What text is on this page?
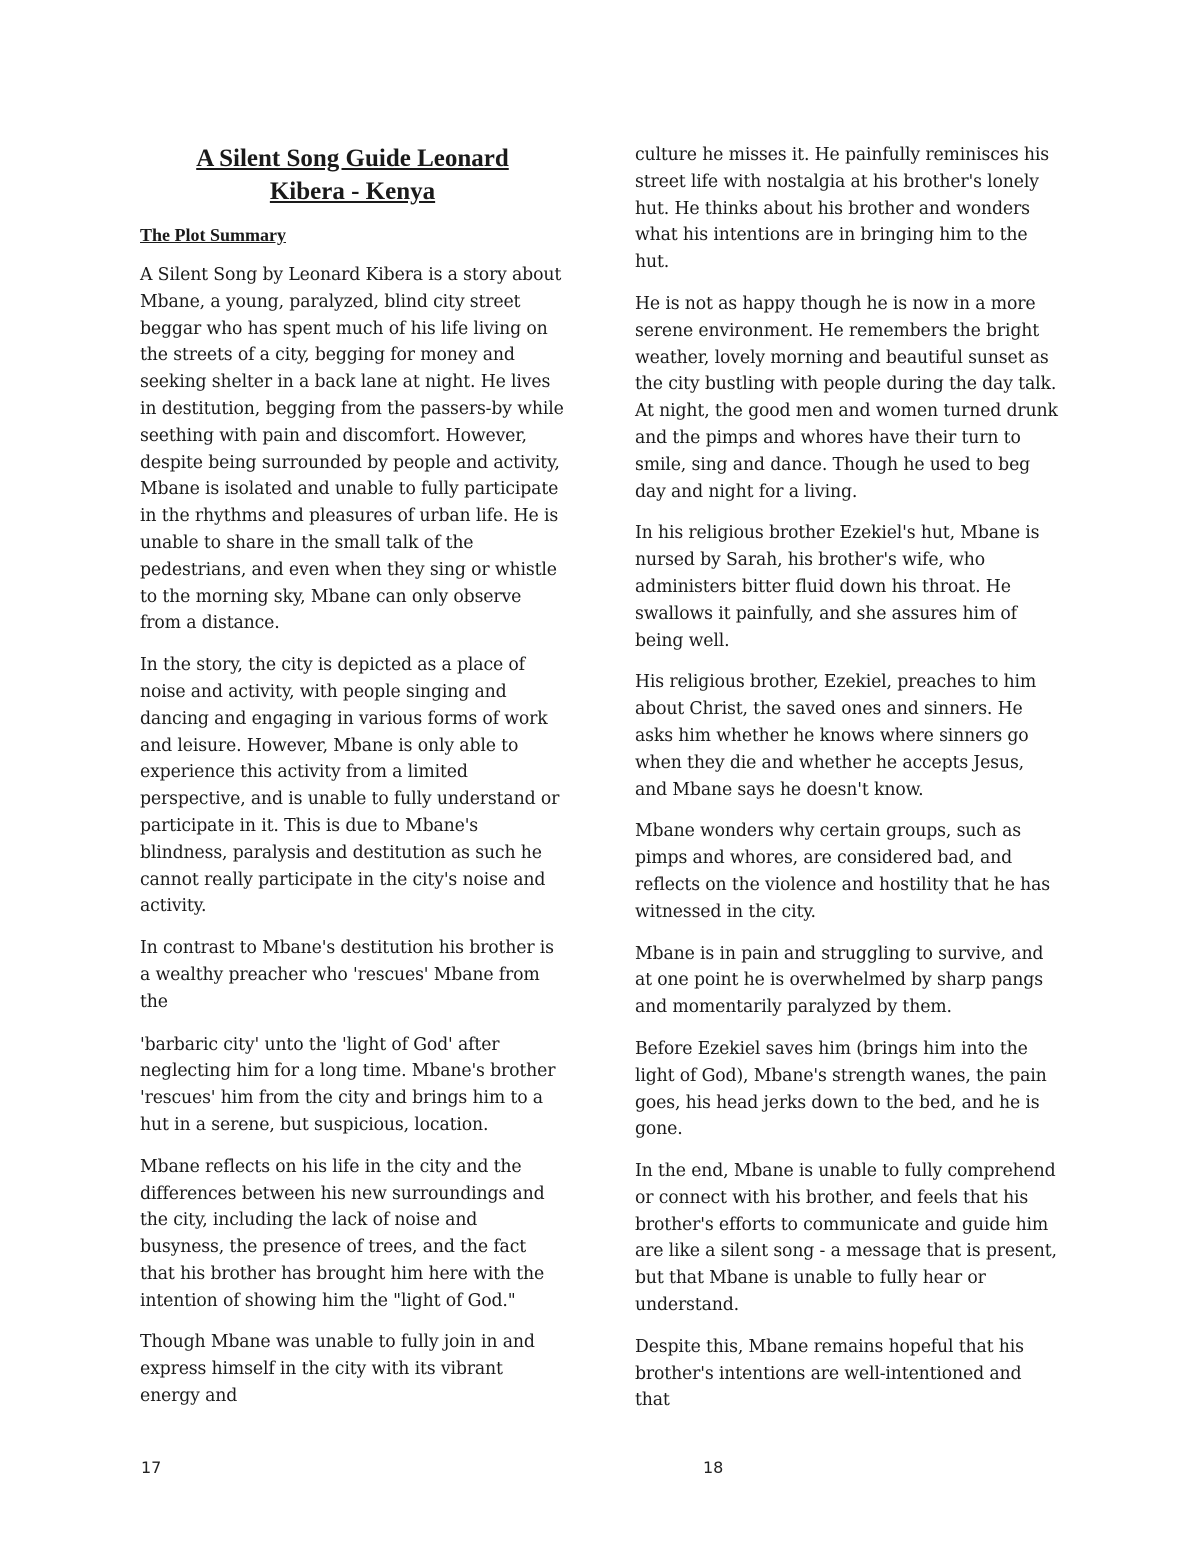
A Silent Song Guide Leonard
Kibera - Kenya
The Plot Summary

A Silent Song by Leonard Kibera is a story about Mbane, a young, paralyzed, blind city street beggar who has spent much of his life living on the streets of a city, begging for money and seeking shelter in a back lane at night. He lives in destitution, begging from the passers-by while seething with pain and discomfort. However, despite being surrounded by people and activity, Mbane is isolated and unable to fully participate in the rhythms and pleasures of urban life. He is unable to share in the small talk of the pedestrians, and even when they sing or whistle to the morning sky, Mbane can only observe from a distance.

In the story, the city is depicted as a place of noise and activity, with people singing and dancing and engaging in various forms of work and leisure. However, Mbane is only able to experience this activity from a limited perspective, and is unable to fully understand or participate in it. This is due to Mbane's blindness, paralysis and destitution as such he cannot really participate in the city's noise and activity.

In contrast to Mbane's destitution his brother is a wealthy preacher who 'rescues' Mbane from the

'barbaric city' unto the 'light of God' after neglecting him for a long time. Mbane's brother 'rescues' him from the city and brings him to a hut in a serene, but suspicious, location.

Mbane reflects on his life in the city and the differences between his new surroundings and the city, including the lack of noise and busyness, the presence of trees, and the fact that his brother has brought him here with the intention of showing him the "light of God."

Though Mbane was unable to fully join in and express himself in the city with its vibrant energy and

culture he misses it. He painfully reminisces his street life with nostalgia at his brother's lonely hut. He thinks about his brother and wonders what his intentions are in bringing him to the hut.

He is not as happy though he is now in a more serene environment. He remembers the bright weather, lovely morning and beautiful sunset as the city bustling with people during the day talk. At night, the good men and women turned drunk and the pimps and whores have their turn to smile, sing and dance. Though he used to beg day and night for a living.

In his religious brother Ezekiel's hut, Mbane is nursed by Sarah, his brother's wife, who administers bitter fluid down his throat. He swallows it painfully, and she assures him of being well.

His religious brother, Ezekiel, preaches to him about Christ, the saved ones and sinners. He asks him whether he knows where sinners go when they die and whether he accepts Jesus, and Mbane says he doesn't know.

Mbane wonders why certain groups, such as pimps and whores, are considered bad, and reflects on the violence and hostility that he has witnessed in the city.

Mbane is in pain and struggling to survive, and at one point he is overwhelmed by sharp pangs and momentarily paralyzed by them.

Before Ezekiel saves him (brings him into the light of God), Mbane's strength wanes, the pain goes, his head jerks down to the bed, and he is gone.

In the end, Mbane is unable to fully comprehend or connect with his brother, and feels that his brother's efforts to communicate and guide him are like a silent song - a message that is present, but that Mbane is unable to fully hear or understand.

Despite this, Mbane remains hopeful that his brother's intentions are well-intentioned and that

17	18
